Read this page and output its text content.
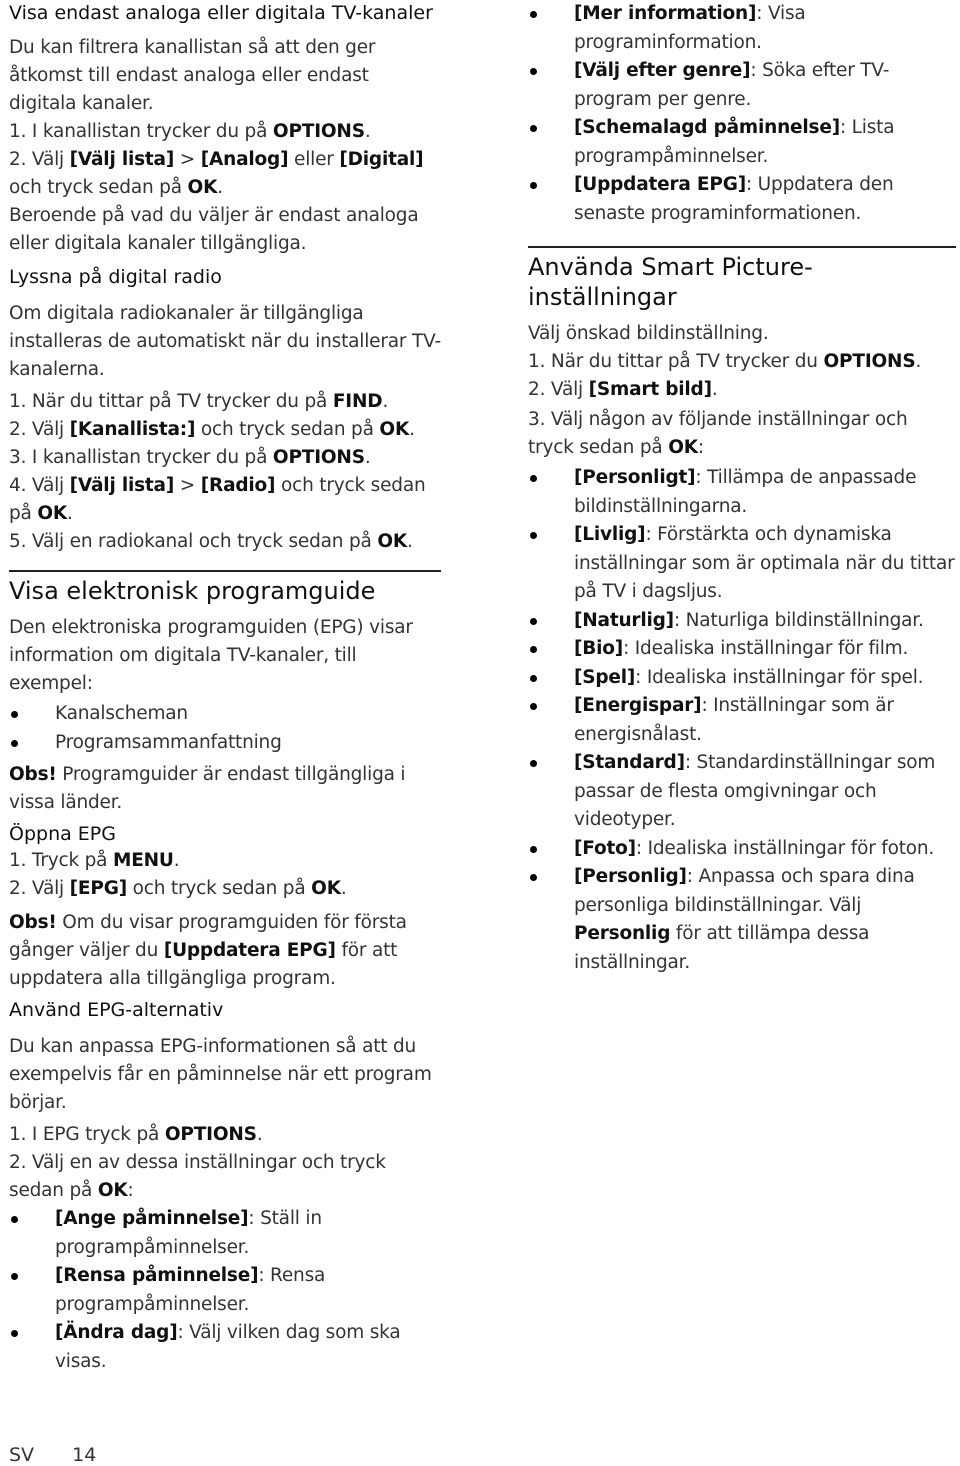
Visa endast analoga eller digitala TV-kanaler

Du kan filtrera kanallistan så att den ger åtkomst till endast analoga eller endast digitala kanaler.

1. I kanallistan trycker du på OPTIONS.

2. Välj [Välj lista] > [Analog] eller [Digital] och tryck sedan på OK.

Beroende på vad du väljer är endast analoga eller digitala kanaler tillgängliga.

Lyssna på digital radio

Om digitala radiokanaler är tillgängliga installeras de automatiskt när du installerar TV-kanalerna.

1. När du tittar på TV trycker du på FIND.

2. Välj [Kanallista:] och tryck sedan på OK.

3. I kanallistan trycker du på OPTIONS.

4. Välj [Välj lista] > [Radio] och tryck sedan på OK.

5. Välj en radiokanal och tryck sedan på OK.

Visa elektronisk programguide

Den elektroniska programguiden (EPG) visar information om digitala TV-kanaler, till exempel:

Kanalscheman
Programsammanfattning

Obs! Programguider är endast tillgängliga i vissa länder.

Öppna EPG

1. Tryck på MENU.

2. Välj [EPG] och tryck sedan på OK.

Obs! Om du visar programguiden för första gånger väljer du [Uppdatera EPG] för att uppdatera alla tillgängliga program.

Använd EPG-alternativ

Du kan anpassa EPG-informationen så att du exempelvis får en påminnelse när ett program börjar.

1. I EPG tryck på OPTIONS.

2. Välj en av dessa inställningar och tryck sedan på OK:

[Ange påminnelse]: Ställ in programpåminnelser.
[Rensa påminnelse]: Rensa programpåminnelser.
[Ändra dag]: Välj vilken dag som ska visas.
[Mer information]: Visa programinformation.
[Välj efter genre]: Söka efter TV-program per genre.
[Schemalagd påminnelse]: Lista programpåminnelser.
[Uppdatera EPG]: Uppdatera den senaste programinformationen.

Använda Smart Picture-inställningar

Välj önskad bildinställning.

1. När du tittar på TV trycker du OPTIONS.

2. Välj [Smart bild].

3. Välj någon av följande inställningar och tryck sedan på OK:

[Personligt]: Tillämpa de anpassade bildinställningarna.
[Livlig]: Förstärkta och dynamiska inställningar som är optimala när du tittar på TV i dagsljus.
[Naturlig]: Naturliga bildinställningar.
[Bio]: Idealiska inställningar för film.
[Spel]: Idealiska inställningar för spel.
[Energispar]: Inställningar som är energisnålast.
[Standard]: Standardinställningar som passar de flesta omgivningar och videotyper.
[Foto]: Idealiska inställningar för foton.
[Personlig]: Anpassa och spara dina personliga bildinställningar. Välj Personlig för att tillämpa dessa inställningar.
SV 14
